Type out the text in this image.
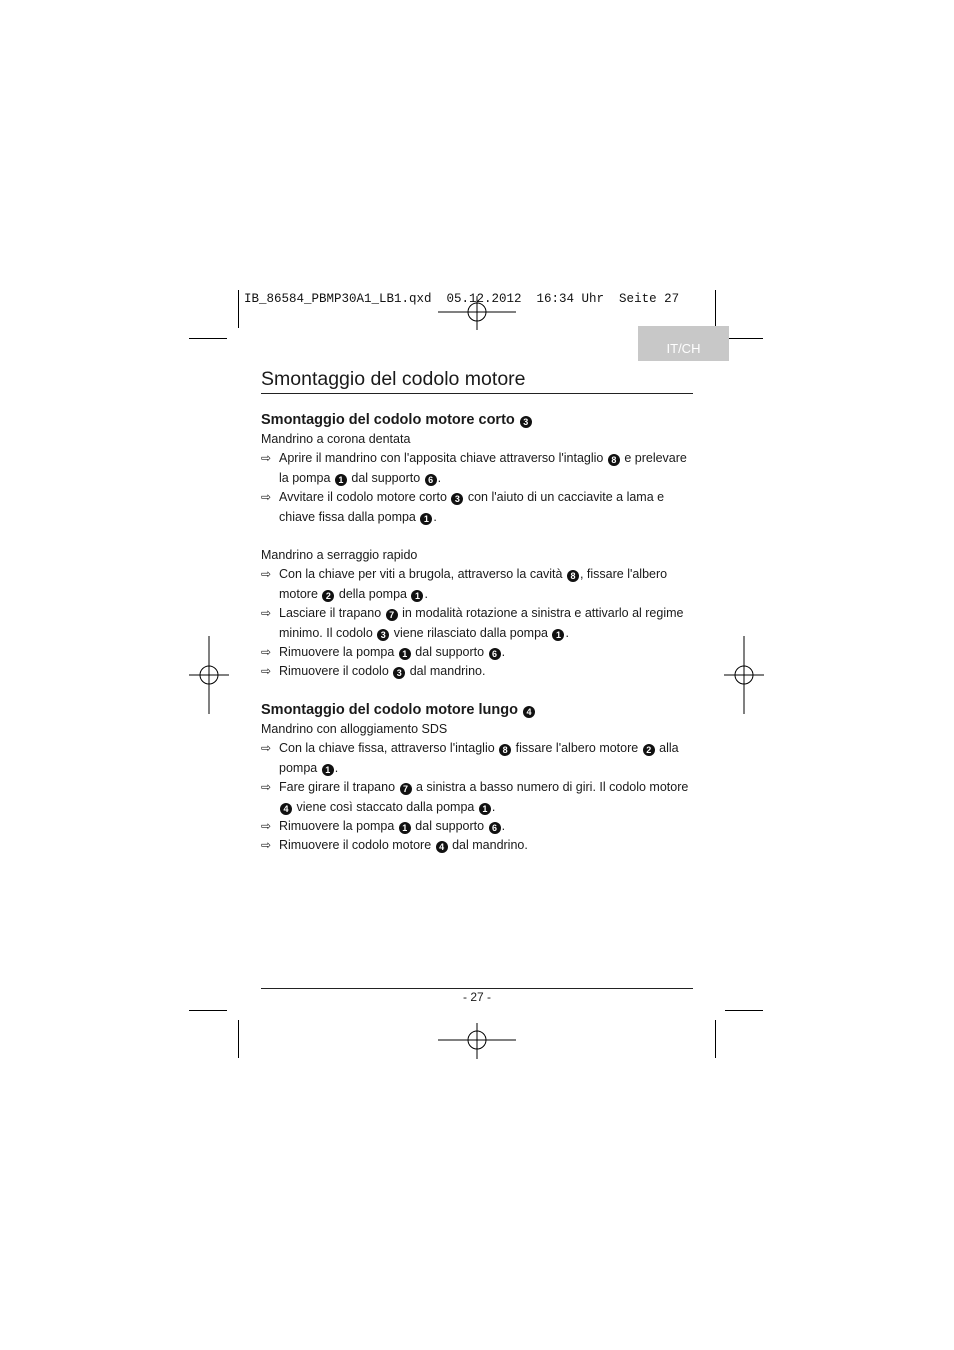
IB_86584_PBMP30A1_LB1.qxd  05.12.2012  16:34 Uhr  Seite 27
IT/CH
Smontaggio del codolo motore
Smontaggio del codolo motore corto 3

Mandrino a corona dentata

⇨ Aprire il mandrino con l'apposita chiave attraverso l'intaglio 8 e prelevare la pompa 1 dal supporto 6 .
⇨ Avvitare il codolo motore corto 3 con l'aiuto di un cacciavite a lama e chiave fissa dalla pompa 1 .

Mandrino a serraggio rapido

⇨ Con la chiave per viti a brugola, attraverso la cavità 8 , fissare l'albero motore 2 della pompa 1 .
⇨ Lasciare il trapano 7 in modalità rotazione a sinistra e attivarlo al regime minimo. Il codolo 3 viene rilasciato dalla pompa 1 .
⇨ Rimuovere la pompa 1 dal supporto 6 .
⇨ Rimuovere il codolo 3 dal mandrino.
Smontaggio del codolo motore lungo 4

Mandrino con alloggiamento SDS

⇨ Con la chiave fissa, attraverso l'intaglio 8 fissare l'albero motore 2 alla pompa 1 .
⇨ Fare girare il trapano 7 a sinistra a basso numero di giri. Il codolo motore 4 viene così staccato dalla pompa 1 .
⇨ Rimuovere la pompa 1 dal supporto 6 .
⇨ Rimuovere il codolo motore 4 dal mandrino.
- 27 -
